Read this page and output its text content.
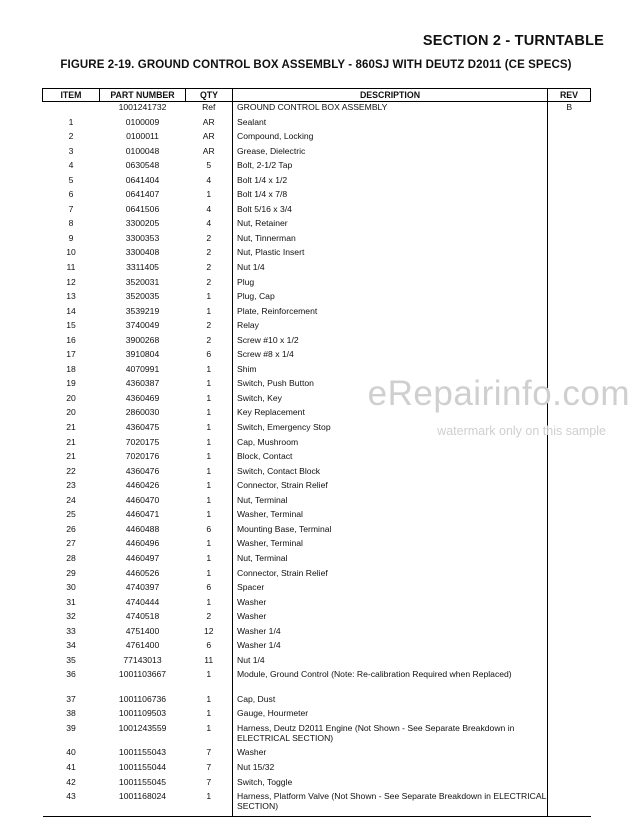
SECTION 2 - TURNTABLE
FIGURE 2-19. GROUND CONTROL BOX ASSEMBLY - 860SJ WITH DEUTZ D2011 (CE SPECS)
ITEM	PART NUMBER	QTY	DESCRIPTION	REV
	1001241732	Ref	GROUND CONTROL BOX ASSEMBLY	B
1	0100009	AR	Sealant	
2	0100011	AR	Compound, Locking	
3	0100048	AR	Grease, Dielectric	
4	0630548	5	Bolt, 2-1/2 Tap	
5	0641404	4	Bolt 1/4 x 1/2	
6	0641407	1	Bolt 1/4 x 7/8	
7	0641506	4	Bolt 5/16 x 3/4	
8	3300205	4	Nut, Retainer	
9	3300353	2	Nut, Tinnerman	
10	3300408	2	Nut, Plastic Insert	
11	3311405	2	Nut 1/4	
12	3520031	2	Plug	
13	3520035	1	Plug, Cap	
14	3539219	1	Plate, Reinforcement	
15	3740049	2	Relay	
16	3900268	2	Screw #10 x 1/2	
17	3910804	6	Screw #8 x 1/4	
18	4070991	1	Shim	
19	4360387	1	Switch, Push Button	
20	4360469	1	Switch, Key	
20	2860030	1	Key Replacement	
21	4360475	1	Switch, Emergency Stop	
21	7020175	1	Cap, Mushroom	
21	7020176	1	Block, Contact	
22	4360476	1	Switch, Contact Block	
23	4460426	1	Connector, Strain Relief	
24	4460470	1	Nut, Terminal	
25	4460471	1	Washer, Terminal	
26	4460488	6	Mounting Base, Terminal	
27	4460496	1	Washer, Terminal	
28	4460497	1	Nut, Terminal	
29	4460526	1	Connector, Strain Relief	
30	4740397	6	Spacer	
31	4740444	1	Washer	
32	4740518	2	Washer	
33	4751400	12	Washer 1/4	
34	4761400	6	Washer 1/4	
35	77143013	11	Nut 1/4	
36	1001103667	1	Module, Ground Control (Note: Re-calibration Required when Replaced)	
37	1001106736	1	Cap, Dust	
38	1001109503	1	Gauge, Hourmeter	
39	1001243559	1	Harness, Deutz D2011 Engine (Not Shown - See Separate Breakdown in ELECTRICAL SECTION)	
40	1001155043	7	Washer	
41	1001155044	7	Nut 15/32	
42	1001155045	7	Switch, Toggle	
43	1001168024	1	Harness, Platform Valve (Not Shown - See Separate Breakdown in ELECTRICAL SECTION)	
eRepairinfo.com
watermark only on this sample
